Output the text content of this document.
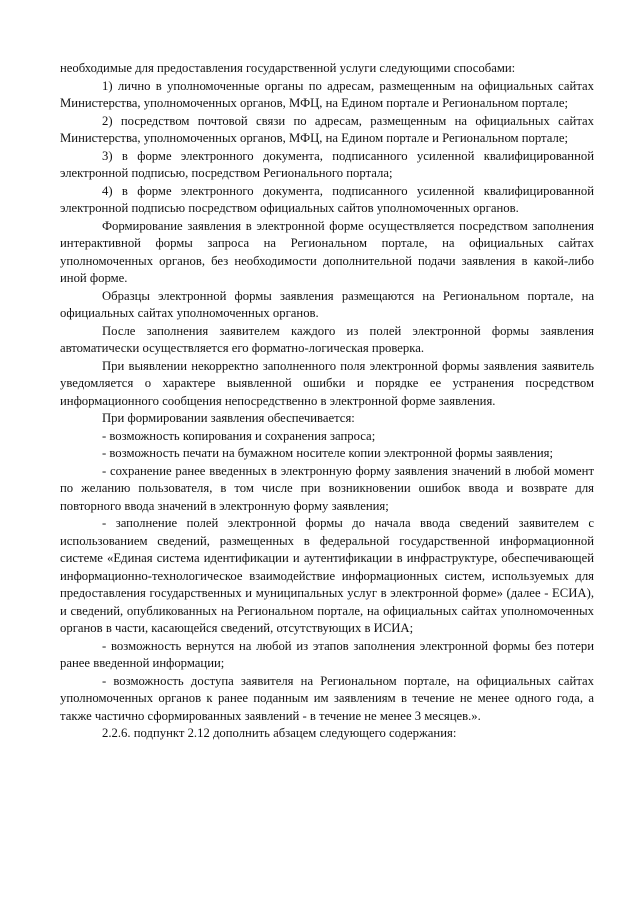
необходимые для предоставления государственной услуги следующими способами:

1) лично в уполномоченные органы по адресам, размещенным на официальных сайтах Министерства, уполномоченных органов, МФЦ, на Едином портале и Региональном портале;

2) посредством почтовой связи по адресам, размещенным на официальных сайтах Министерства, уполномоченных органов, МФЦ, на Едином портале и Региональном портале;

3) в форме электронного документа, подписанного усиленной квалифицированной электронной подписью, посредством Регионального портала;

4) в форме электронного документа, подписанного усиленной квалифицированной электронной подписью посредством официальных сайтов уполномоченных органов.

Формирование заявления в электронной форме осуществляется посредством заполнения интерактивной формы запроса на Региональном портале, на официальных сайтах уполномоченных органов, без необходимости дополнительной подачи заявления в какой-либо иной форме.

Образцы электронной формы заявления размещаются на Региональном портале, на официальных сайтах уполномоченных органов.

После заполнения заявителем каждого из полей электронной формы заявления автоматически осуществляется его форматно-логическая проверка.

При выявлении некорректно заполненного поля электронной формы заявления заявитель уведомляется о характере выявленной ошибки и порядке ее устранения посредством информационного сообщения непосредственно в электронной форме заявления.

При формировании заявления обеспечивается:

- возможность копирования и сохранения запроса;

- возможность печати на бумажном носителе копии электронной формы заявления;

- сохранение ранее введенных в электронную форму заявления значений в любой момент по желанию пользователя, в том числе при возникновении ошибок ввода и возврате для повторного ввода значений в электронную форму заявления;

- заполнение полей электронной формы до начала ввода сведений заявителем с использованием сведений, размещенных в федеральной государственной информационной системе «Единая система идентификации и аутентификации в инфраструктуре, обеспечивающей информационно-технологическое взаимодействие информационных систем, используемых для предоставления государственных и муниципальных услуг в электронной форме» (далее - ЕСИА), и сведений, опубликованных на Региональном портале, на официальных сайтах уполномоченных органов в части, касающейся сведений, отсутствующих в ИСИА;

- возможность вернутся на любой из этапов заполнения электронной формы без потери ранее введенной информации;

- возможность доступа заявителя на Региональном портале, на официальных сайтах уполномоченных органов к ранее поданным им заявлениям в течение не менее одного года, а также частично сформированных заявлений - в течение не менее 3 месяцев.».

2.2.6. подпункт 2.12 дополнить абзацем следующего содержания:
